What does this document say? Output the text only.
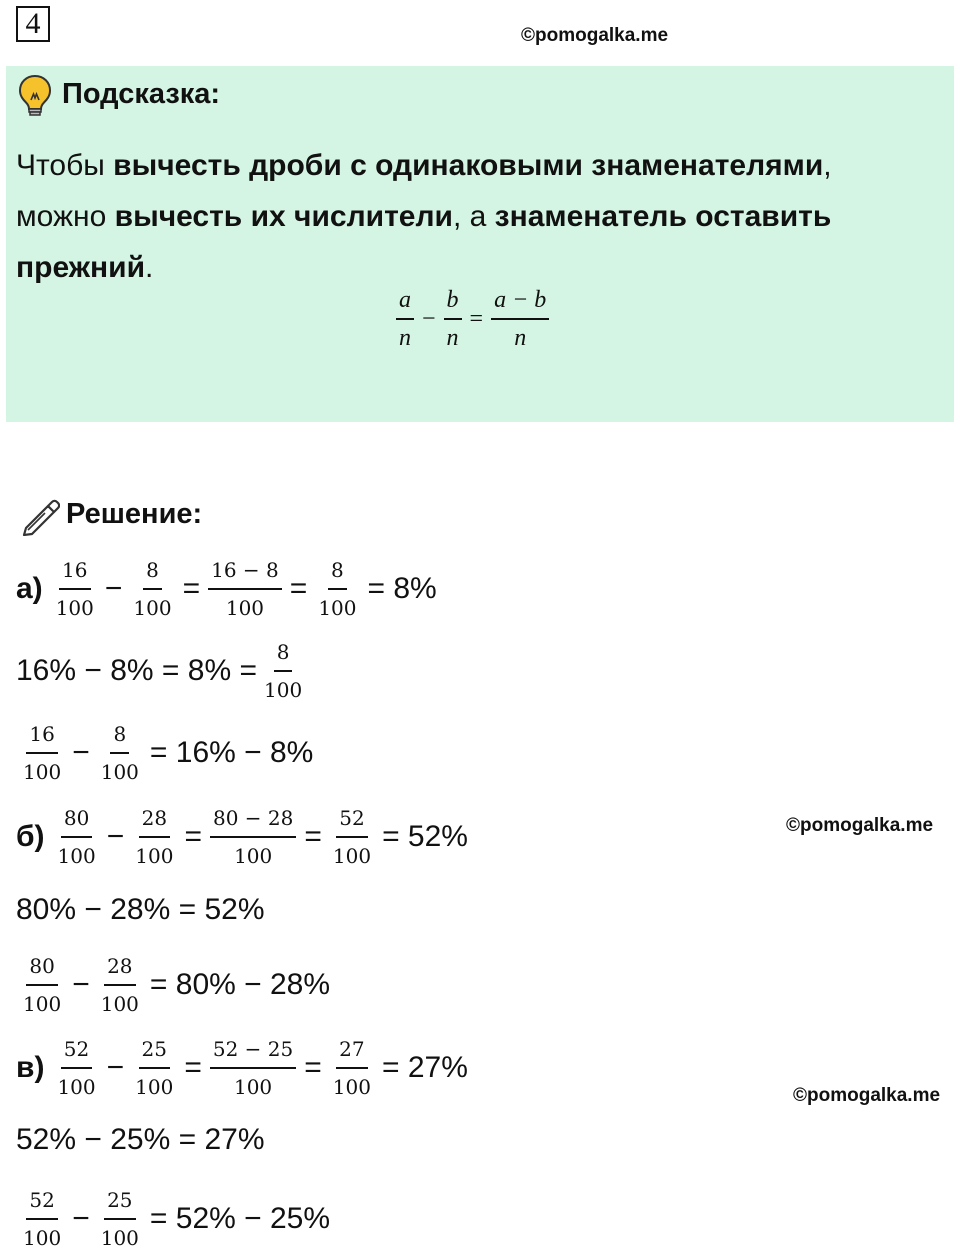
4	©pomogalka.me
Подсказка:
Чтобы вычесть дроби с одинаковыми знаменателями,
можно вычесть их числители, а знаменатель оставить
прежний.
$\frac{a}{n} - \frac{b}{n} = \frac{a - b}{n}$
Решение:
$а) \frac{16}{100} - \frac{8}{100} = \frac{16 - 8}{100} = \frac{8}{100} = 8\%$
$16\% - 8\% = 8\% = \frac{8}{100}$
$\frac{16}{100} - \frac{8}{100} = 16\% - 8\%$
$б) \frac{80}{100} - \frac{28}{100} = \frac{80 - 28}{100} = \frac{52}{100} = 52\%$	©pomogalka.me
80% − 28% = 52%
$\frac{80}{100} - \frac{28}{100} = 80\% - 28\%$
$в) \frac{52}{100} - \frac{25}{100} = \frac{52 - 25}{100} = \frac{27}{100} = 27\%$
©pomogalka.me
52% − 25% = 27%
$\frac{52}{100} - \frac{25}{100} = 52\% - 25\%$
